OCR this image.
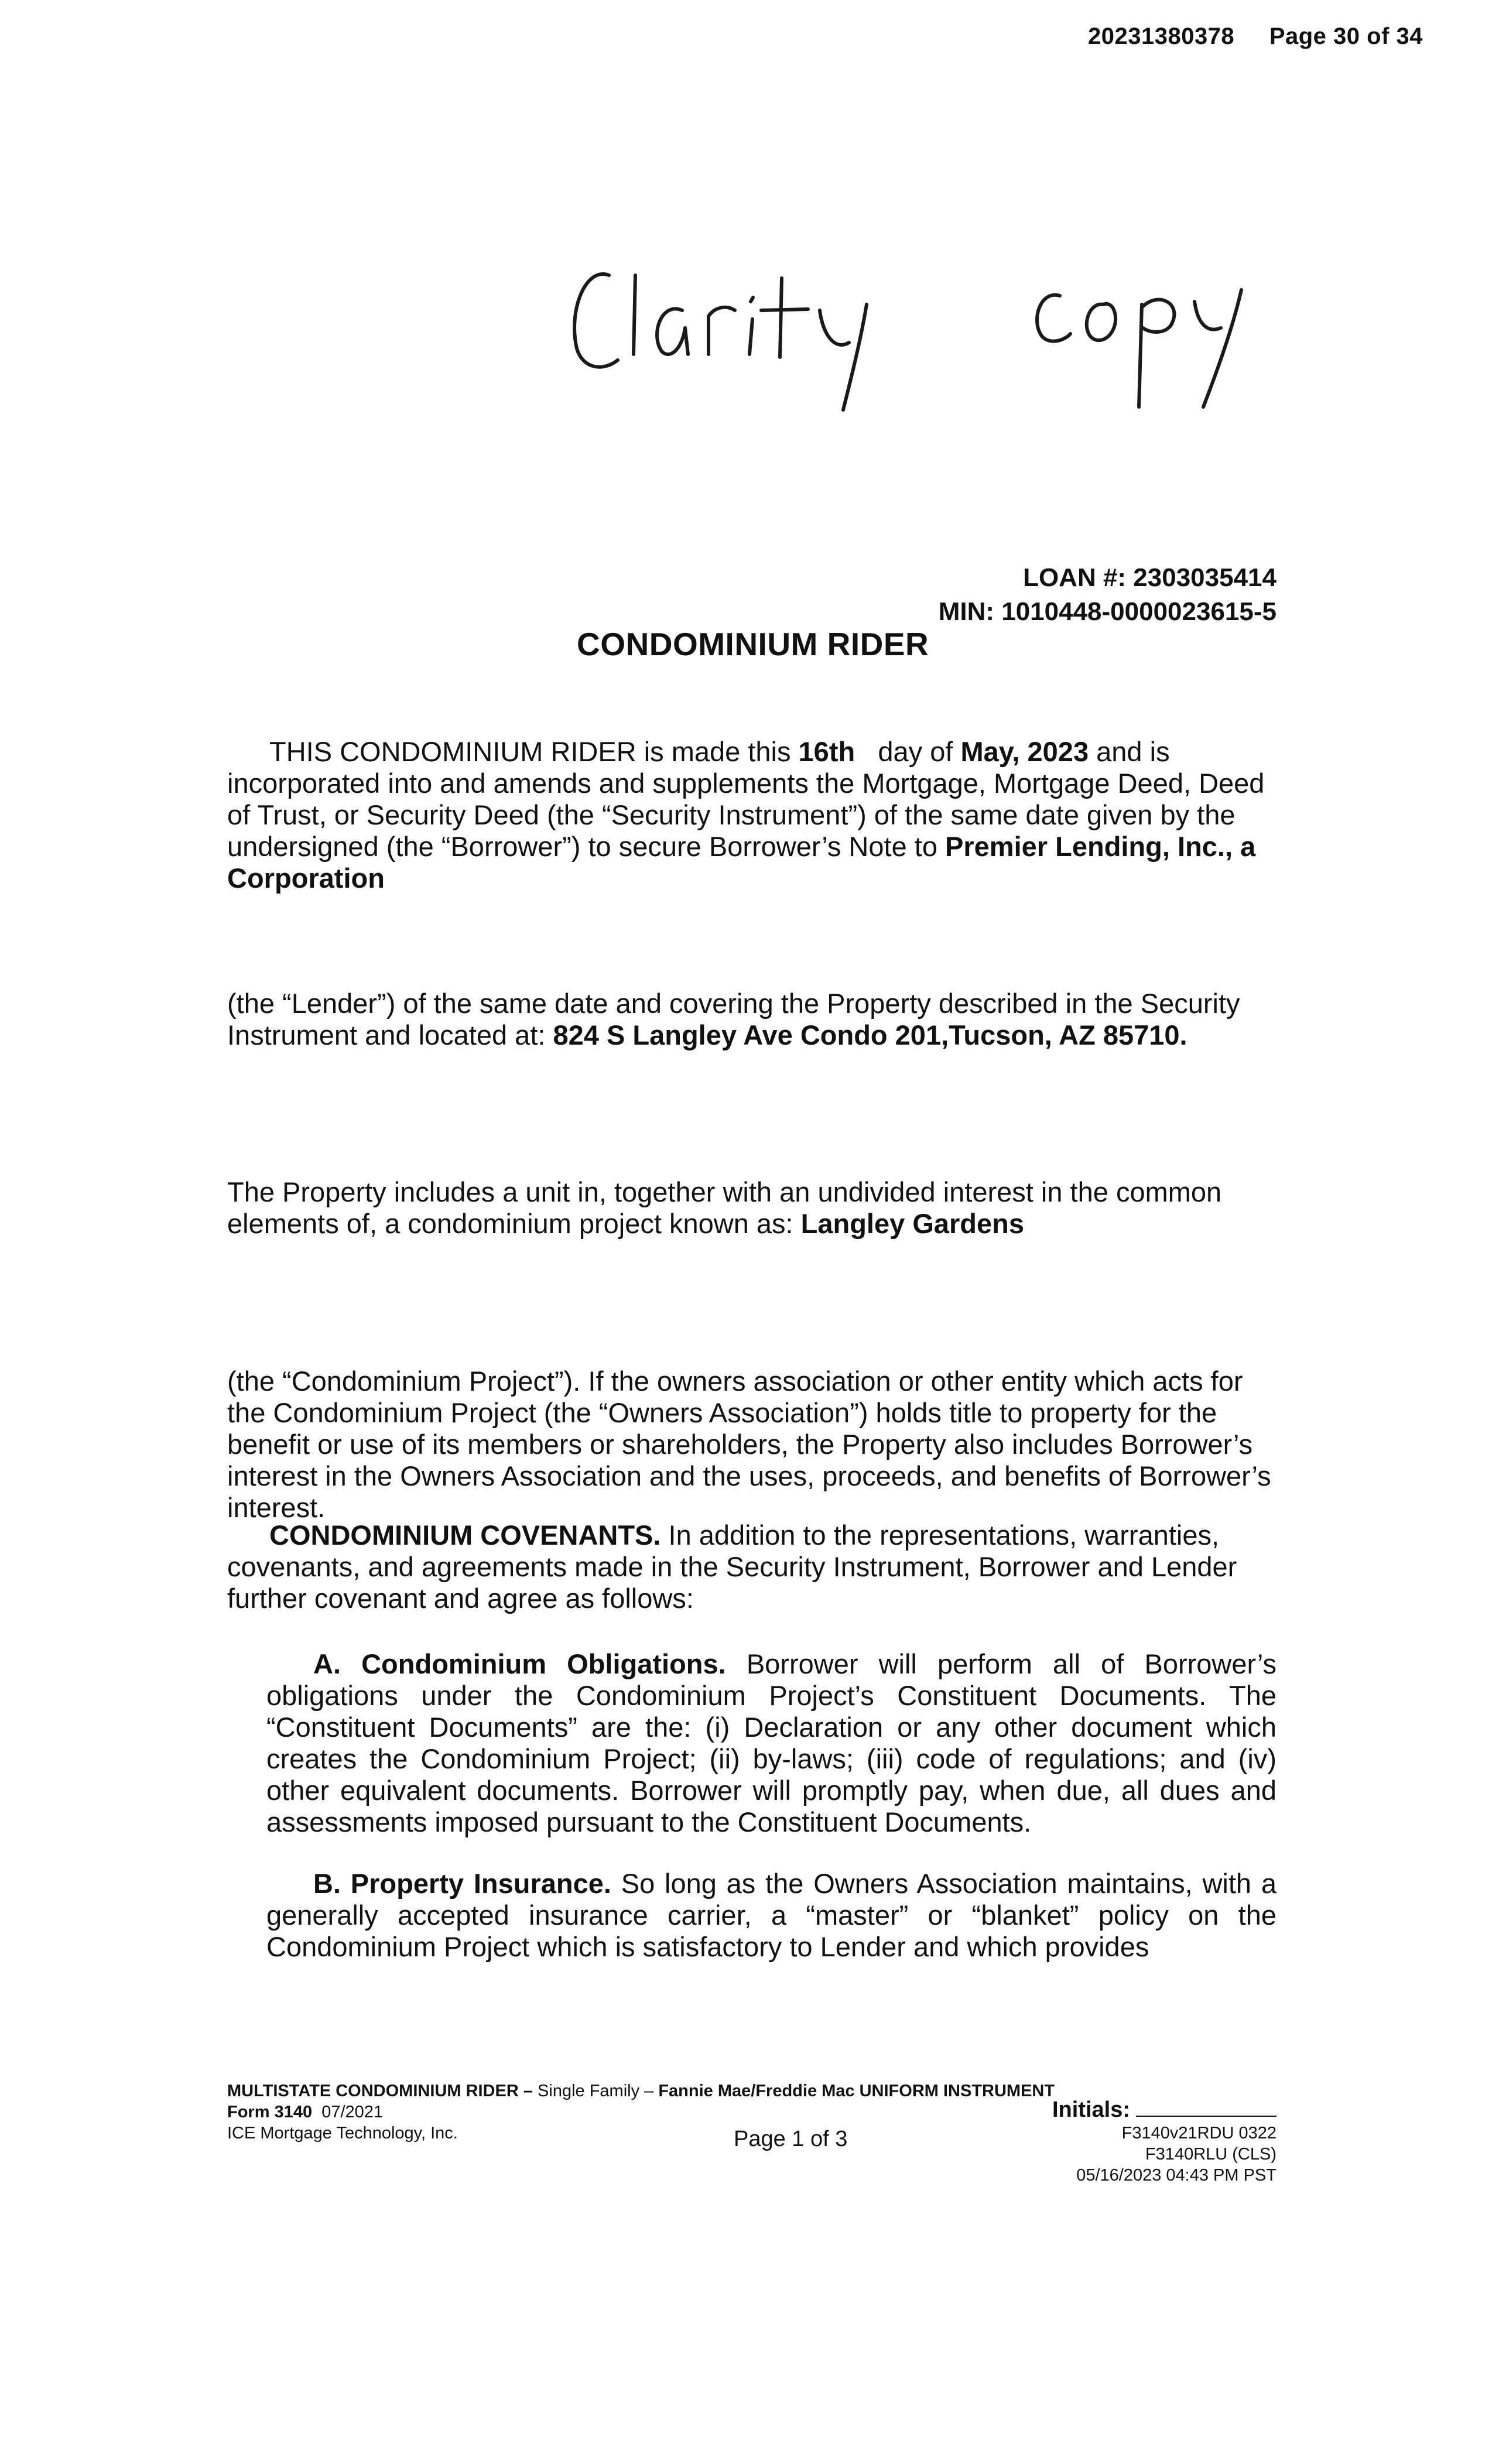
20231380378 Page 30 of 34
LOAN #: 2303035414
MIN: 1010448-0000023615-5
CONDOMINIUM RIDER

THIS CONDOMINIUM RIDER is made this 16th   day of May, 2023 and is incorporated into and amends and supplements the Mortgage, Mortgage Deed, Deed of Trust, or Security Deed (the “Security Instrument”) of the same date given by the undersigned (the “Borrower”) to secure Borrower’s Note to Premier Lending, Inc., a Corporation

(the “Lender”) of the same date and covering the Property described in the Security Instrument and located at: 824 S Langley Ave Condo 201,Tucson, AZ 85710.

The Property includes a unit in, together with an undivided interest in the common elements of, a condominium project known as: Langley Gardens

(the “Condominium Project”). If the owners association or other entity which acts for the Condominium Project (the “Owners Association”) holds title to property for the benefit or use of its members or shareholders, the Property also includes Borrower’s interest in the Owners Association and the uses, proceeds, and benefits of Borrower’s interest.

CONDOMINIUM COVENANTS. In addition to the representations, warranties, covenants, and agreements made in the Security Instrument, Borrower and Lender further covenant and agree as follows:

A. Condominium Obligations. Borrower will perform all of Borrower’s obligations under the Condominium Project’s Constituent Documents. The “Constituent Documents” are the: (i) Declaration or any other document which creates the Condominium Project; (ii) by-laws; (iii) code of regulations; and (iv) other equivalent documents. Borrower will promptly pay, when due, all dues and assessments imposed pursuant to the Constituent Documents.

B. Property Insurance. So long as the Owners Association maintains, with a generally accepted insurance carrier, a “master” or “blanket” policy on the Condominium Project which is satisfactory to Lender and which provides

MULTISTATE CONDOMINIUM RIDER – Single Family – Fannie Mae/Freddie Mac UNIFORM INSTRUMENT
Form 3140 07/2021	Initials:
ICE Mortgage Technology, Inc.	Page 1 of 3	F3140v21RDU 0322
F3140RLU (CLS)
05/16/2023 04:43 PM PST
